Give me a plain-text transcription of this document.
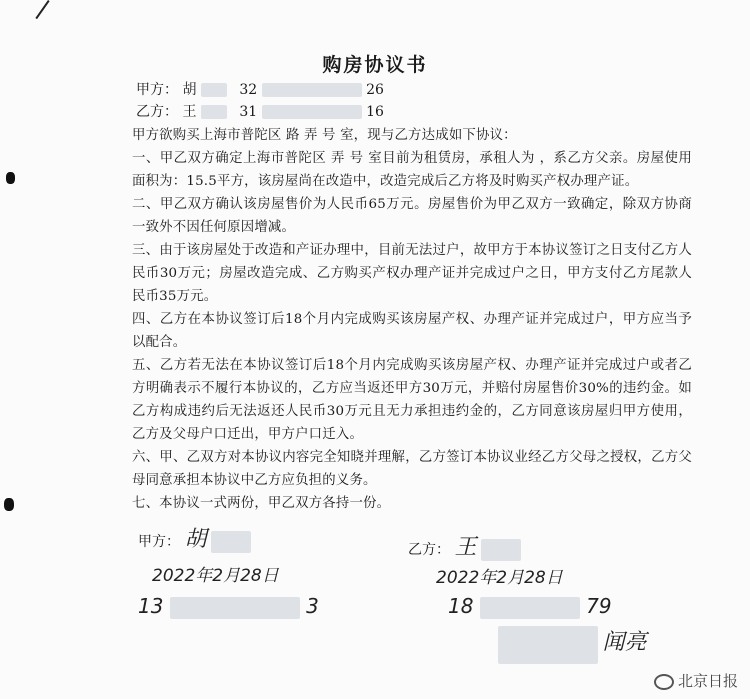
购房协议书
甲方： 胡	32	26
乙方： 王	31	16

甲方欲购买上海市普陀区 路 弄 号 室，现与乙方达成如下协议：

一、甲乙双方确定上海市普陀区 弄 号 室目前为租赁房，承租人为 ，系乙方父亲。房屋使用面积为：15.5平方，该房屋尚在改造中，改造完成后乙方将及时购买产权办理产证。

二、甲乙双方确认该房屋售价为人民币65万元。房屋售价为甲乙双方一致确定，除双方协商一致外不因任何原因增减。

三、由于该房屋处于改造和产证办理中，目前无法过户，故甲方于本协议签订之日支付乙方人民币30万元；房屋改造完成、乙方购买产权办理产证并完成过户之日，甲方支付乙方尾款人民币35万元。

四、乙方在本协议签订后18个月内完成购买该房屋产权、办理产证并完成过户，甲方应当予以配合。

五、乙方若无法在本协议签订后18个月内完成购买该房屋产权、办理产证并完成过户或者乙方明确表示不履行本协议的，乙方应当返还甲方30万元，并赔付房屋售价30%的违约金。如乙方构成违约后无法返还人民币30万元且无力承担违约金的，乙方同意该房屋归甲方使用，乙方及父母户口迁出，甲方户口迁入。

六、甲、乙双方对本协议内容完全知晓并理解，乙方签订本协议业经乙方父母之授权，乙方父母同意承担本协议中乙方应负担的义务。

七、本协议一式两份，甲乙双方各持一份。

甲方： 胡
2022年2月28日
13	3
乙方： 王
2022年2月28日
18	79
闻亮
北京日报
